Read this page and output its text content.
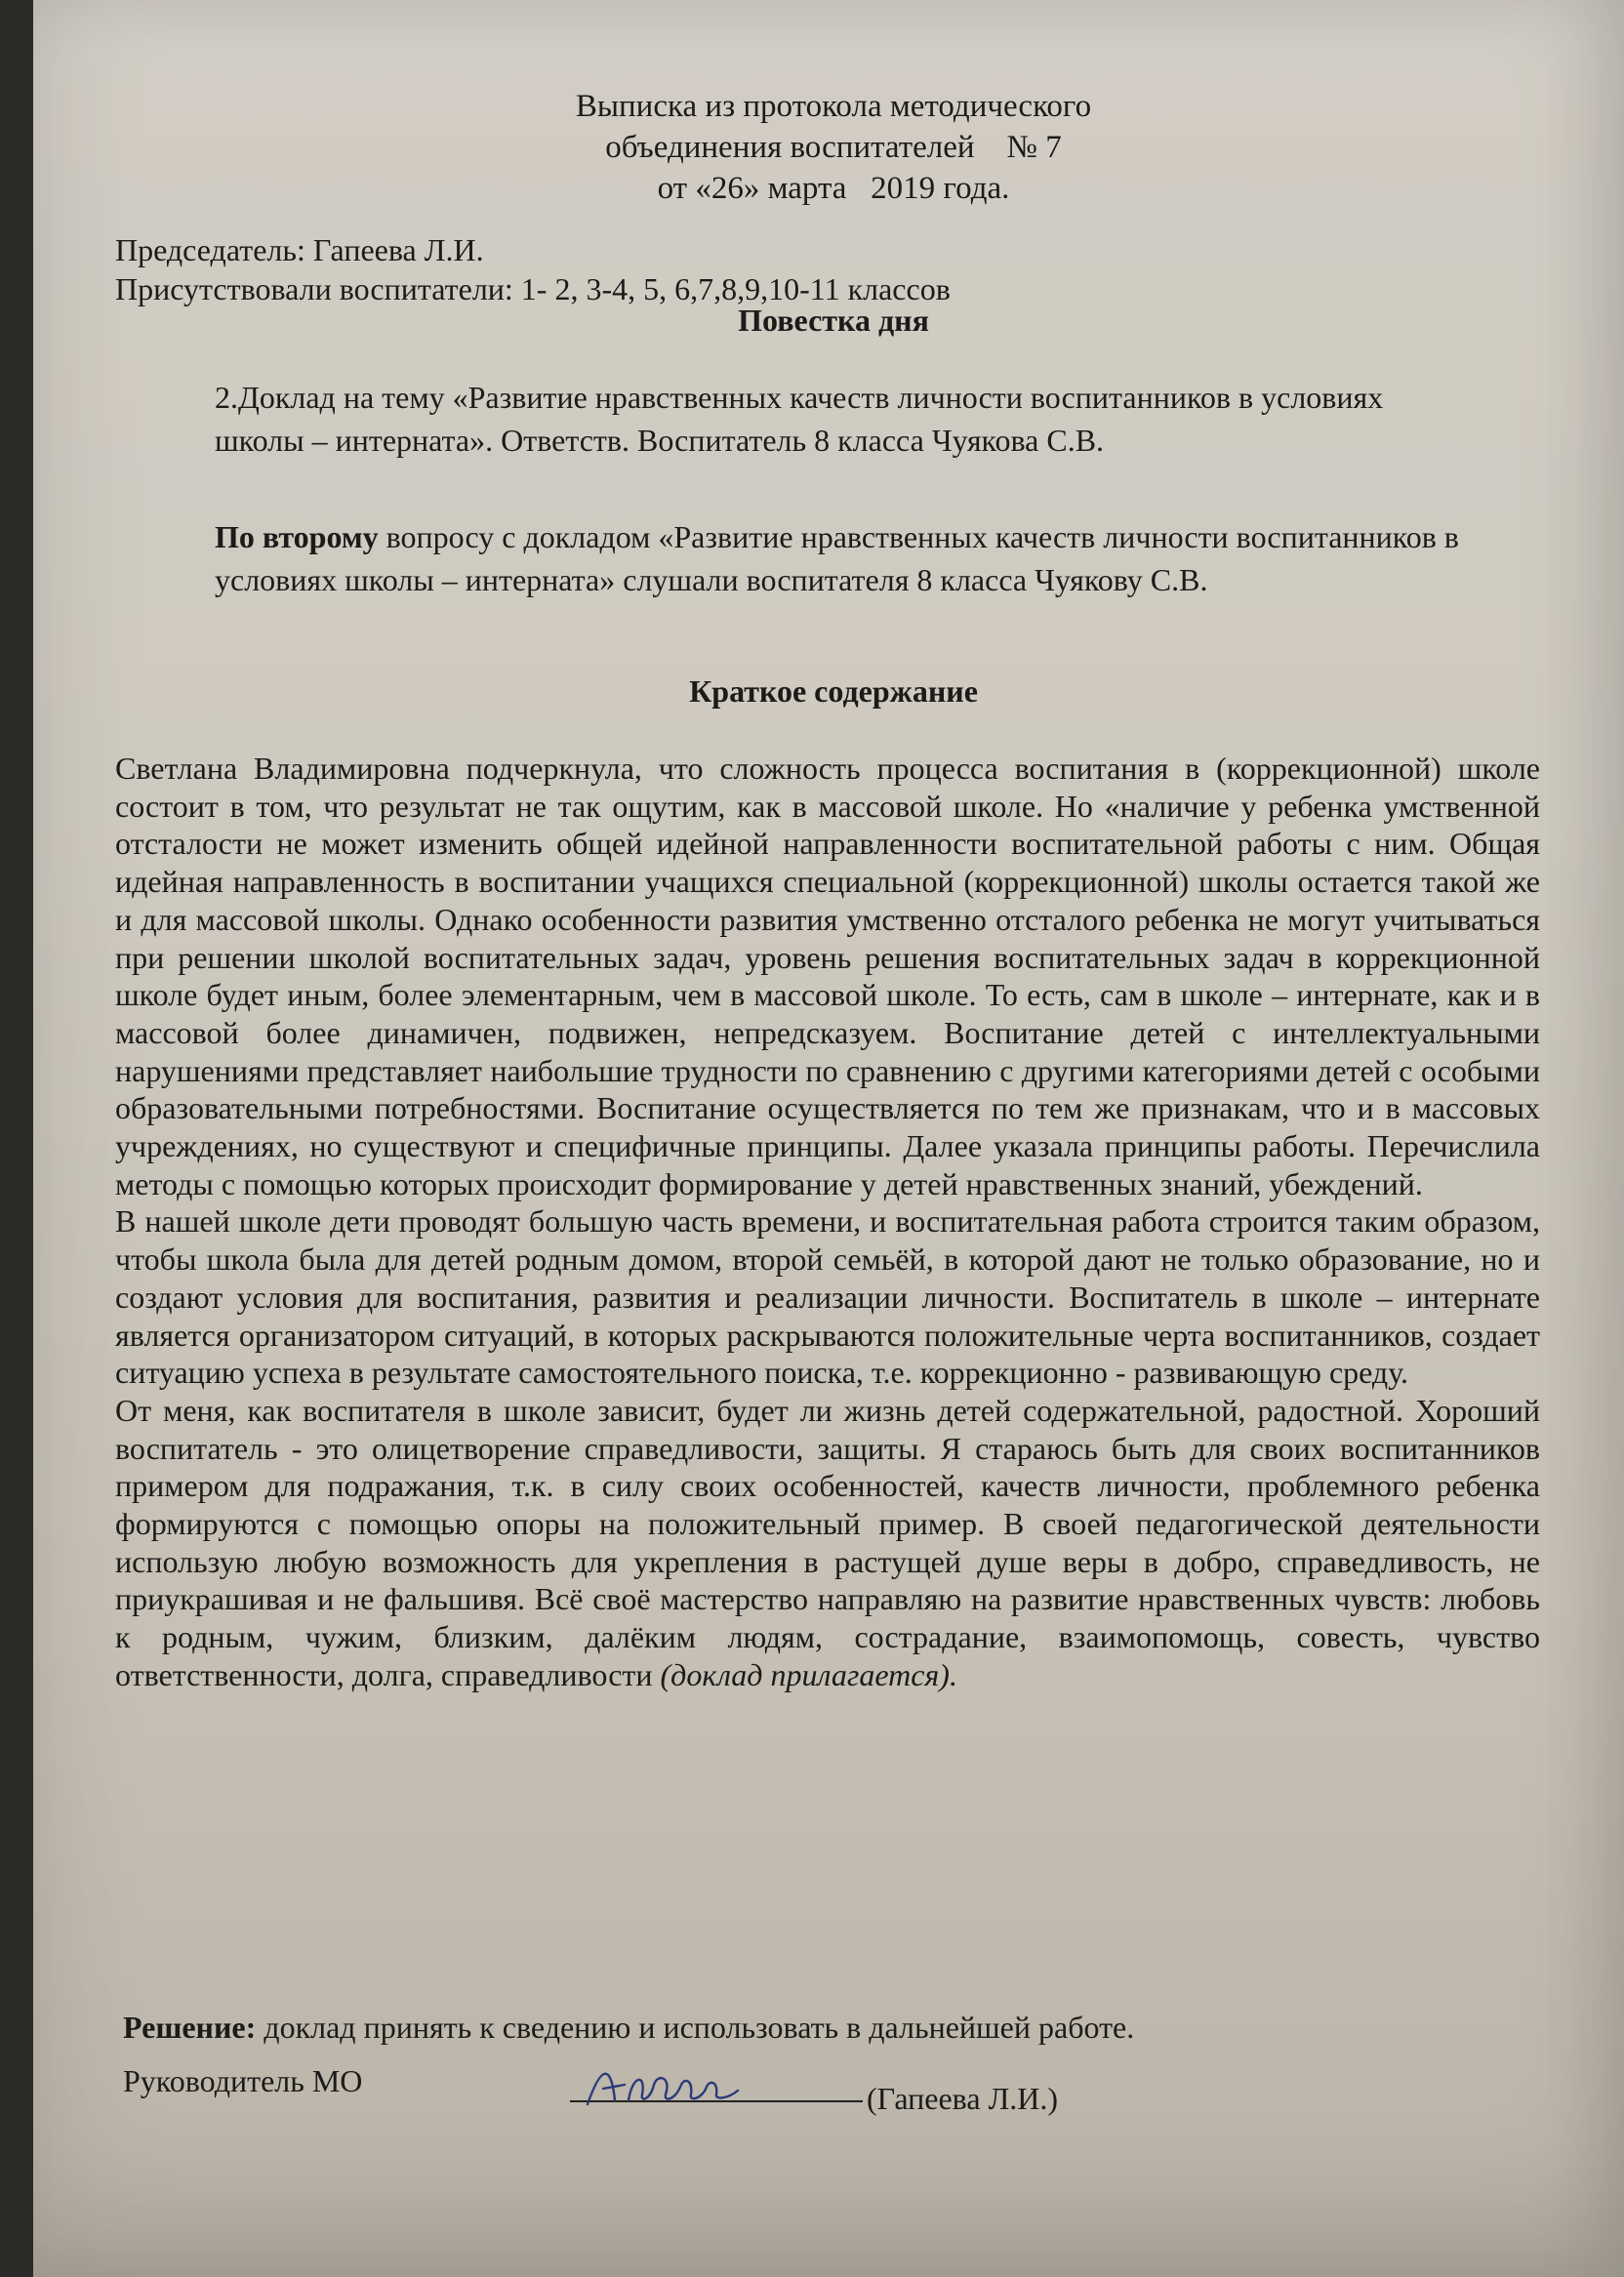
Выписка из протокола методического
объединения воспитателей    № 7
от «26» марта   2019 года.
Председатель: Гапеева Л.И.
Присутствовали воспитатели: 1- 2, 3-4, 5, 6,7,8,9,10-11 классов
Повестка дня
2.Доклад на тему «Развитие нравственных качеств личности воспитанников в условиях школы – интерната». Ответств. Воспитатель 8 класса Чуякова С.В.
По второму вопросу с докладом «Развитие нравственных качеств личности воспитанников в условиях школы – интерната» слушали воспитателя 8 класса Чуякову С.В.
Краткое содержание

Светлана Владимировна подчеркнула, что сложность процесса воспитания в (коррекционной) школе состоит в том, что результат не так ощутим, как в массовой школе. Но «наличие у ребенка умственной отсталости не может изменить общей идейной направленности воспитательной работы с ним. Общая идейная направленность в воспитании учащихся специальной (коррекционной) школы остается такой же и для массовой школы. Однако особенности развития умственно отсталого ребенка не могут учитываться при решении школой воспитательных задач, уровень решения воспитательных задач в коррекционной школе будет иным, более элементарным, чем в массовой школе. То есть, сам в школе – интернате, как и в массовой более динамичен, подвижен, непредсказуем. Воспитание детей с интеллектуальными нарушениями представляет наибольшие трудности по сравнению с другими категориями детей с особыми образовательными потребностями. Воспитание осуществляется по тем же признакам, что и в массовых учреждениях, но существуют и специфичные принципы. Далее указала принципы работы. Перечислила методы с помощью которых происходит формирование у детей нравственных знаний, убеждений.

В нашей школе дети проводят большую часть времени, и воспитательная работа строится таким образом, чтобы школа была для детей родным домом, второй семьёй, в которой дают не только образование, но и создают условия для воспитания, развития и реализации личности. Воспитатель в школе – интернате является организатором ситуаций, в которых раскрываются положительные черта воспитанников, создает ситуацию успеха в результате самостоятельного поиска, т.е. коррекционно - развивающую среду.

От меня, как воспитателя в школе зависит, будет ли жизнь детей содержательной, радостной. Хороший воспитатель - это олицетворение справедливости, защиты. Я стараюсь быть для своих воспитанников примером для подражания, т.к. в силу своих особенностей, качеств личности, проблемного ребенка формируются с помощью опоры на положительный пример. В своей педагогической деятельности использую любую возможность для укрепления в растущей душе веры в добро, справедливость, не приукрашивая и не фальшивя. Всё своё мастерство направляю на развитие нравственных чувств: любовь к родным, чужим, близким, далёким людям, сострадание, взаимопомощь, совесть, чувство ответственности, долга, справедливости (доклад прилагается).

Решение: доклад принять к сведению и использовать в дальнейшей работе.
Руководитель МО	(Гапеева Л.И.)
